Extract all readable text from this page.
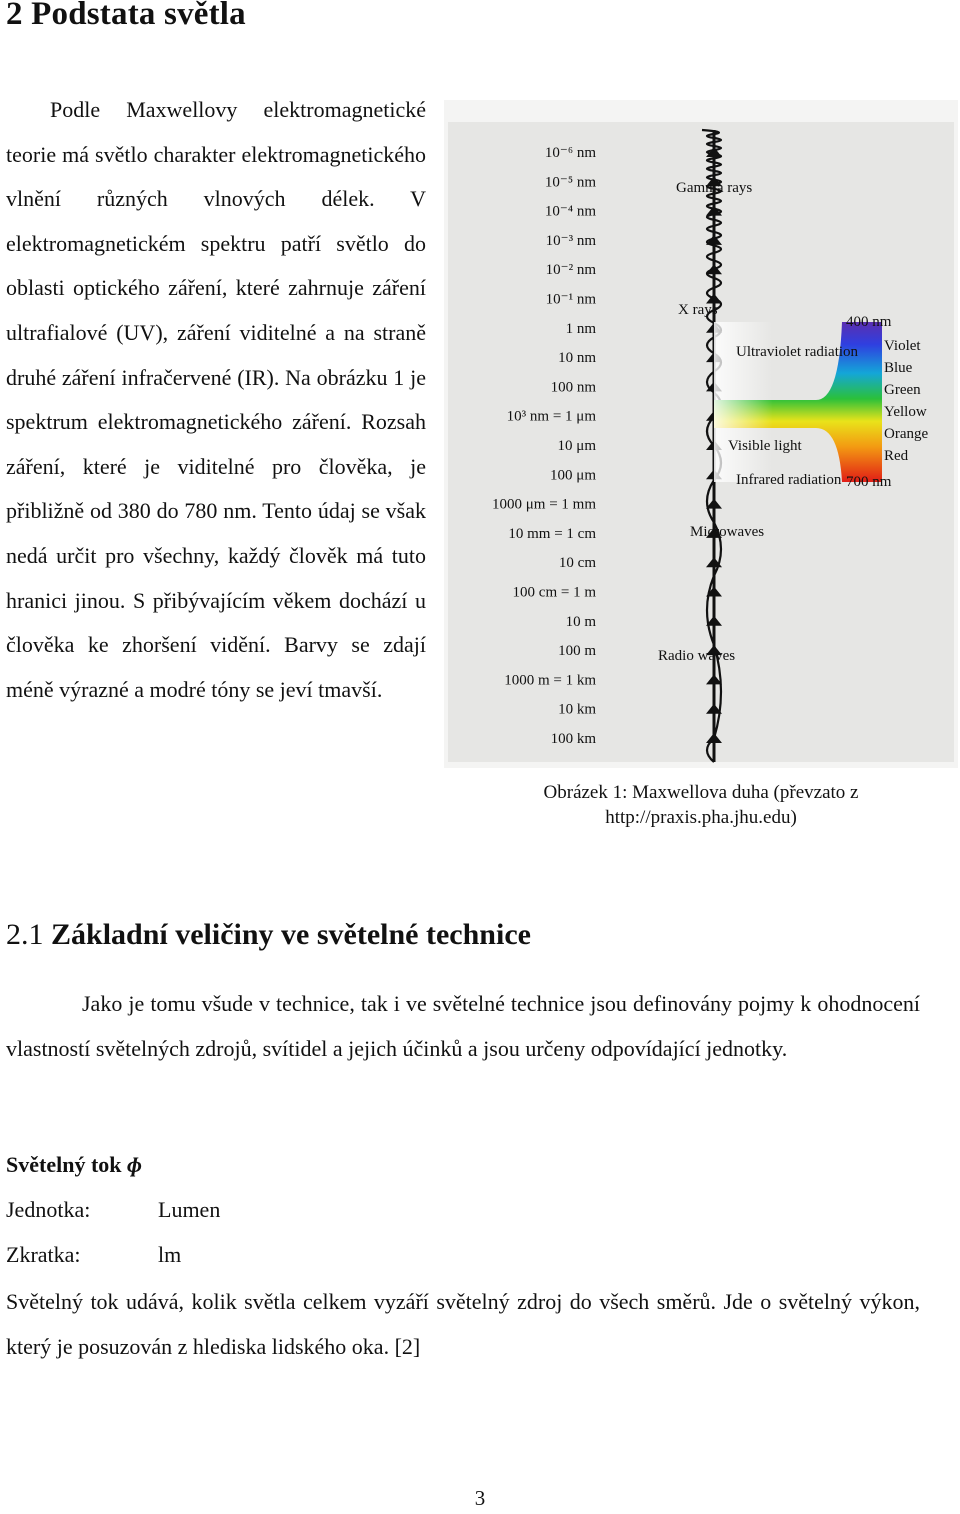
2 Podstata světla

Podle Maxwellovy elektromagnetické teorie má světlo charakter elektromagnetického vlnění různých vlnových délek. V elektromagnetickém spektru patří světlo do oblasti optického záření, které zahrnuje záření ultrafialové (UV), záření viditelné a na straně druhé záření infračervené (IR). Na obrázku 1 je spektrum elektromagnetického záření. Rozsah záření, které je viditelné pro člověka, je přibližně od 380 do 780 nm. Tento údaj se však nedá určit pro všechny, každý člověk má tuto hranici jinou. S přibývajícím věkem dochází u člověka ke zhoršení vidění. Barvy se zdají méně výrazné a modré tóny se jeví tmavší.

10⁻⁶ nm
10⁻⁵ nm
10⁻⁴ nm
10⁻³ nm
10⁻² nm
10⁻¹ nm
1 nm
10 nm
100 nm
10³ nm = 1 μm
10 μm
100 μm
1000 μm = 1 mm
10 mm = 1 cm
10 cm
100 cm = 1 m
10 m
100 m
1000 m = 1 km
10 km
100 km
Gamma rays
X rays
Ultraviolet radiation
Visible light
Infrared radiation
Microwaves
Radio waves
400 nm
700 nm
Violet
Blue
Green
Yellow
Orange
Red
Obrázek 1: Maxwellova duha (převzato z
http://praxis.pha.jhu.edu)
2.1 Základní veličiny ve světelné technice

Jako je tomu všude v technice, tak i ve světelné technice jsou definovány pojmy k ohodnocení vlastností světelných zdrojů, svítidel a jejich účinků a jsou určeny odpovídající jednotky.

Světelný tok ɸ
Jednotka:	Lumen
Zkratka:	lm

Světelný tok udává, kolik světla celkem vyzáří světelný zdroj do všech směrů. Jde o světelný výkon, který je posuzován z hlediska lidského oka. [2]

3
